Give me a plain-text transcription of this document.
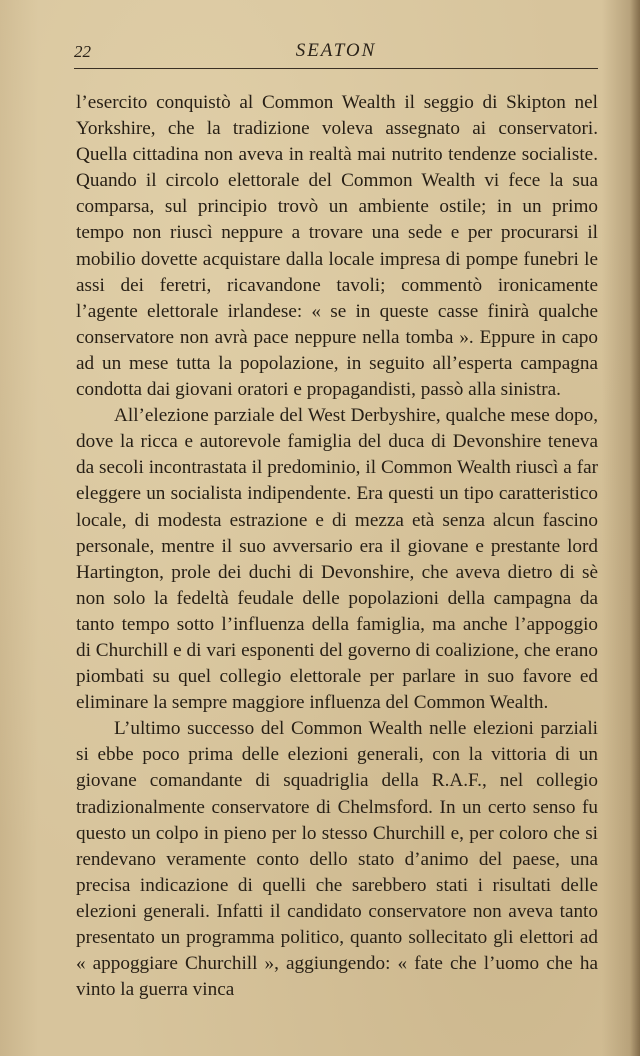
22	SEATON

l’esercito conquistò al Common Wealth il seggio di Skipton nel Yorkshire, che la tradizione voleva assegnato ai conservatori. Quella cittadina non aveva in realtà mai nutrito tendenze socialiste. Quando il circolo elettorale del Common Wealth vi fece la sua comparsa, sul principio trovò un ambiente ostile; in un primo tempo non riuscì neppure a trovare una sede e per procurarsi il mobilio dovette acquistare dalla locale impresa di pompe funebri le assi dei feretri, ricavandone tavoli; commentò ironicamente l’agente elettorale irlandese: « se in queste casse finirà qualche conservatore non avrà pace neppure nella tomba ». Eppure in capo ad un mese tutta la popolazione, in seguito all’esperta campagna condotta dai giovani oratori e propagandisti, passò alla sinistra.

All’elezione parziale del West Derbyshire, qualche mese dopo, dove la ricca e autorevole famiglia del duca di Devonshire teneva da secoli incontrastata il predominio, il Common Wealth riuscì a far eleggere un socialista indipendente. Era questi un tipo caratteristico locale, di modesta estrazione e di mezza età senza alcun fascino personale, mentre il suo avversario era il giovane e prestante lord Hartington, prole dei duchi di Devonshire, che aveva dietro di sè non solo la fedeltà feudale delle popolazioni della campagna da tanto tempo sotto l’influenza della famiglia, ma anche l’appoggio di Churchill e di vari esponenti del governo di coalizione, che erano piombati su quel collegio elettorale per parlare in suo favore ed eliminare la sempre maggiore influenza del Common Wealth.

L’ultimo successo del Common Wealth nelle elezioni parziali si ebbe poco prima delle elezioni generali, con la vittoria di un giovane comandante di squadriglia della R.A.F., nel collegio tradizionalmente conservatore di Chelmsford. In un certo senso fu questo un colpo in pieno per lo stesso Churchill e, per coloro che si rendevano veramente conto dello stato d’animo del paese, una precisa indicazione di quelli che sarebbero stati i risultati delle elezioni generali. Infatti il candidato conservatore non aveva tanto presentato un programma politico, quanto sollecitato gli elettori ad « appoggiare Churchill », aggiungendo: « fate che l’uomo che ha vinto la guerra vinca
